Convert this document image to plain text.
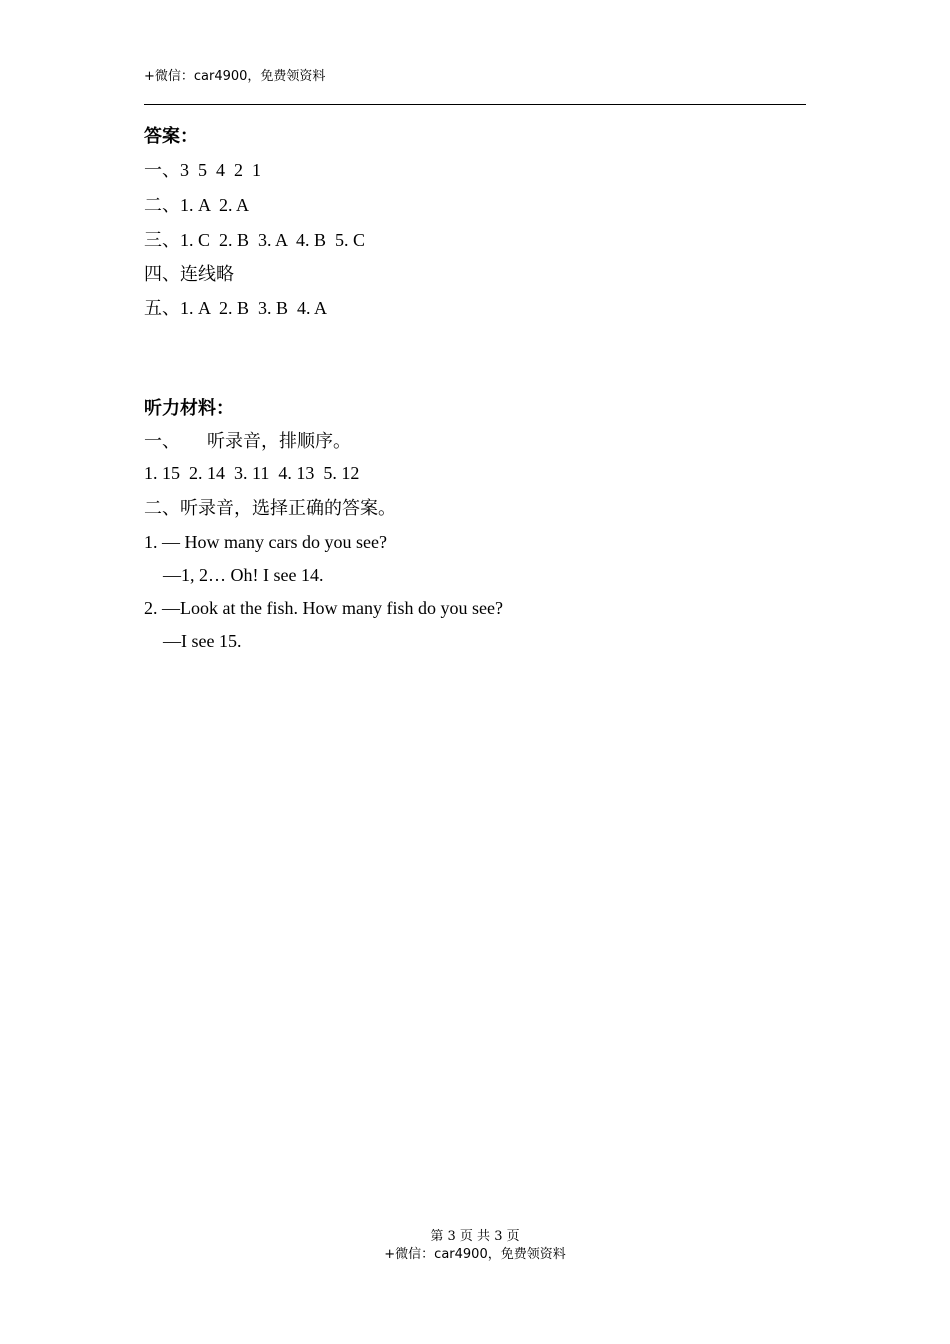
+微信：car4900，免费领资料
答案：
一、3  5  4  2  1
二、1. A  2. A
三、1. C  2. B  3. A  4. B  5. C
四、连线略
五、1. A  2. B  3. B  4. A
听力材料：
一、      听录音，排顺序。
1. 15  2. 14  3. 11  4. 13  5. 12
二、听录音，选择正确的答案。
1. — How many cars do you see?
—1, 2… Oh! I see 14.
2. —Look at the fish. How many fish do you see?
—I see 15.
第 3 页 共 3 页
+微信：car4900，免费领资料
